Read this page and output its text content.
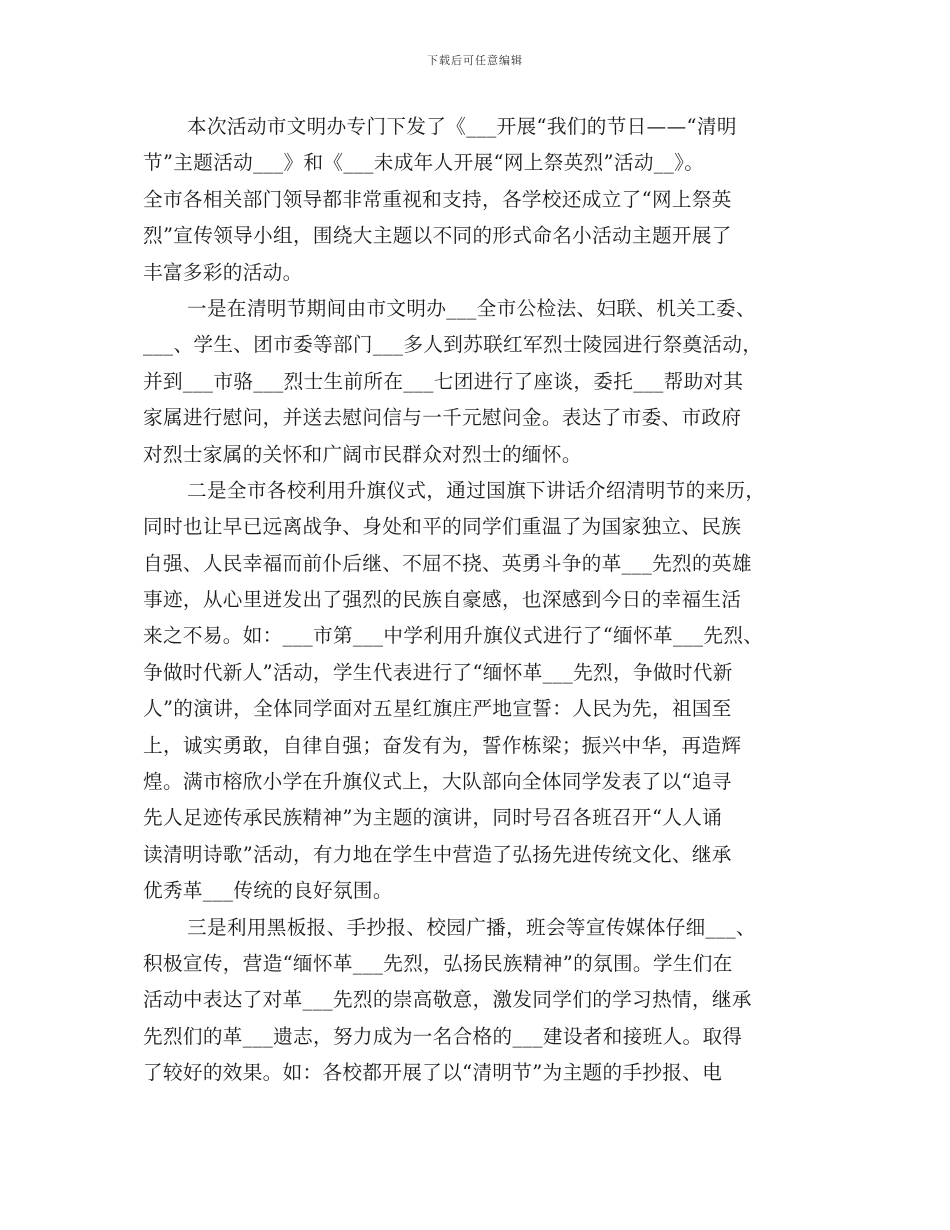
下载后可任意编辑
本次活动市文明办专门下发了《___开展“我们的节日——“清明
节”主题活动___》和《___未成年人开展“网上祭英烈”活动__》。
全市各相关部门领导都非常重视和支持，各学校还成立了“网上祭英
烈”宣传领导小组，围绕大主题以不同的形式命名小活动主题开展了
丰富多彩的活动。
一是在清明节期间由市文明办___全市公检法、妇联、机关工委、
___、学生、团市委等部门___多人到苏联红军烈士陵园进行祭奠活动，
并到___市骆___烈士生前所在___七团进行了座谈，委托___帮助对其
家属进行慰问，并送去慰问信与一千元慰问金。表达了市委、市政府
对烈士家属的关怀和广阔市民群众对烈士的缅怀。
二是全市各校利用升旗仪式，通过国旗下讲话介绍清明节的来历，
同时也让早已远离战争、身处和平的同学们重温了为国家独立、民族
自强、人民幸福而前仆后继、不屈不挠、英勇斗争的革___先烈的英雄
事迹，从心里迸发出了强烈的民族自豪感，也深感到今日的幸福生活
来之不易。如：___市第___中学利用升旗仪式进行了“缅怀革___先烈、
争做时代新人”活动，学生代表进行了“缅怀革___先烈，争做时代新
人”的演讲，全体同学面对五星红旗庄严地宣誓：人民为先，祖国至
上，诚实勇敢，自律自强；奋发有为，誓作栋梁；振兴中华，再造辉
煌。满市榕欣小学在升旗仪式上，大队部向全体同学发表了以“追寻
先人足迹传承民族精神”为主题的演讲，同时号召各班召开“人人诵
读清明诗歌”活动，有力地在学生中营造了弘扬先进传统文化、继承
优秀革___传统的良好氛围。
三是利用黑板报、手抄报、校园广播，班会等宣传媒体仔细___、
积极宣传，营造“缅怀革___先烈，弘扬民族精神”的氛围。学生们在
活动中表达了对革___先烈的崇高敬意，激发同学们的学习热情，继承
先烈们的革___遗志，努力成为一名合格的___建设者和接班人。取得
了较好的效果。如：各校都开展了以“清明节”为主题的手抄报、电
